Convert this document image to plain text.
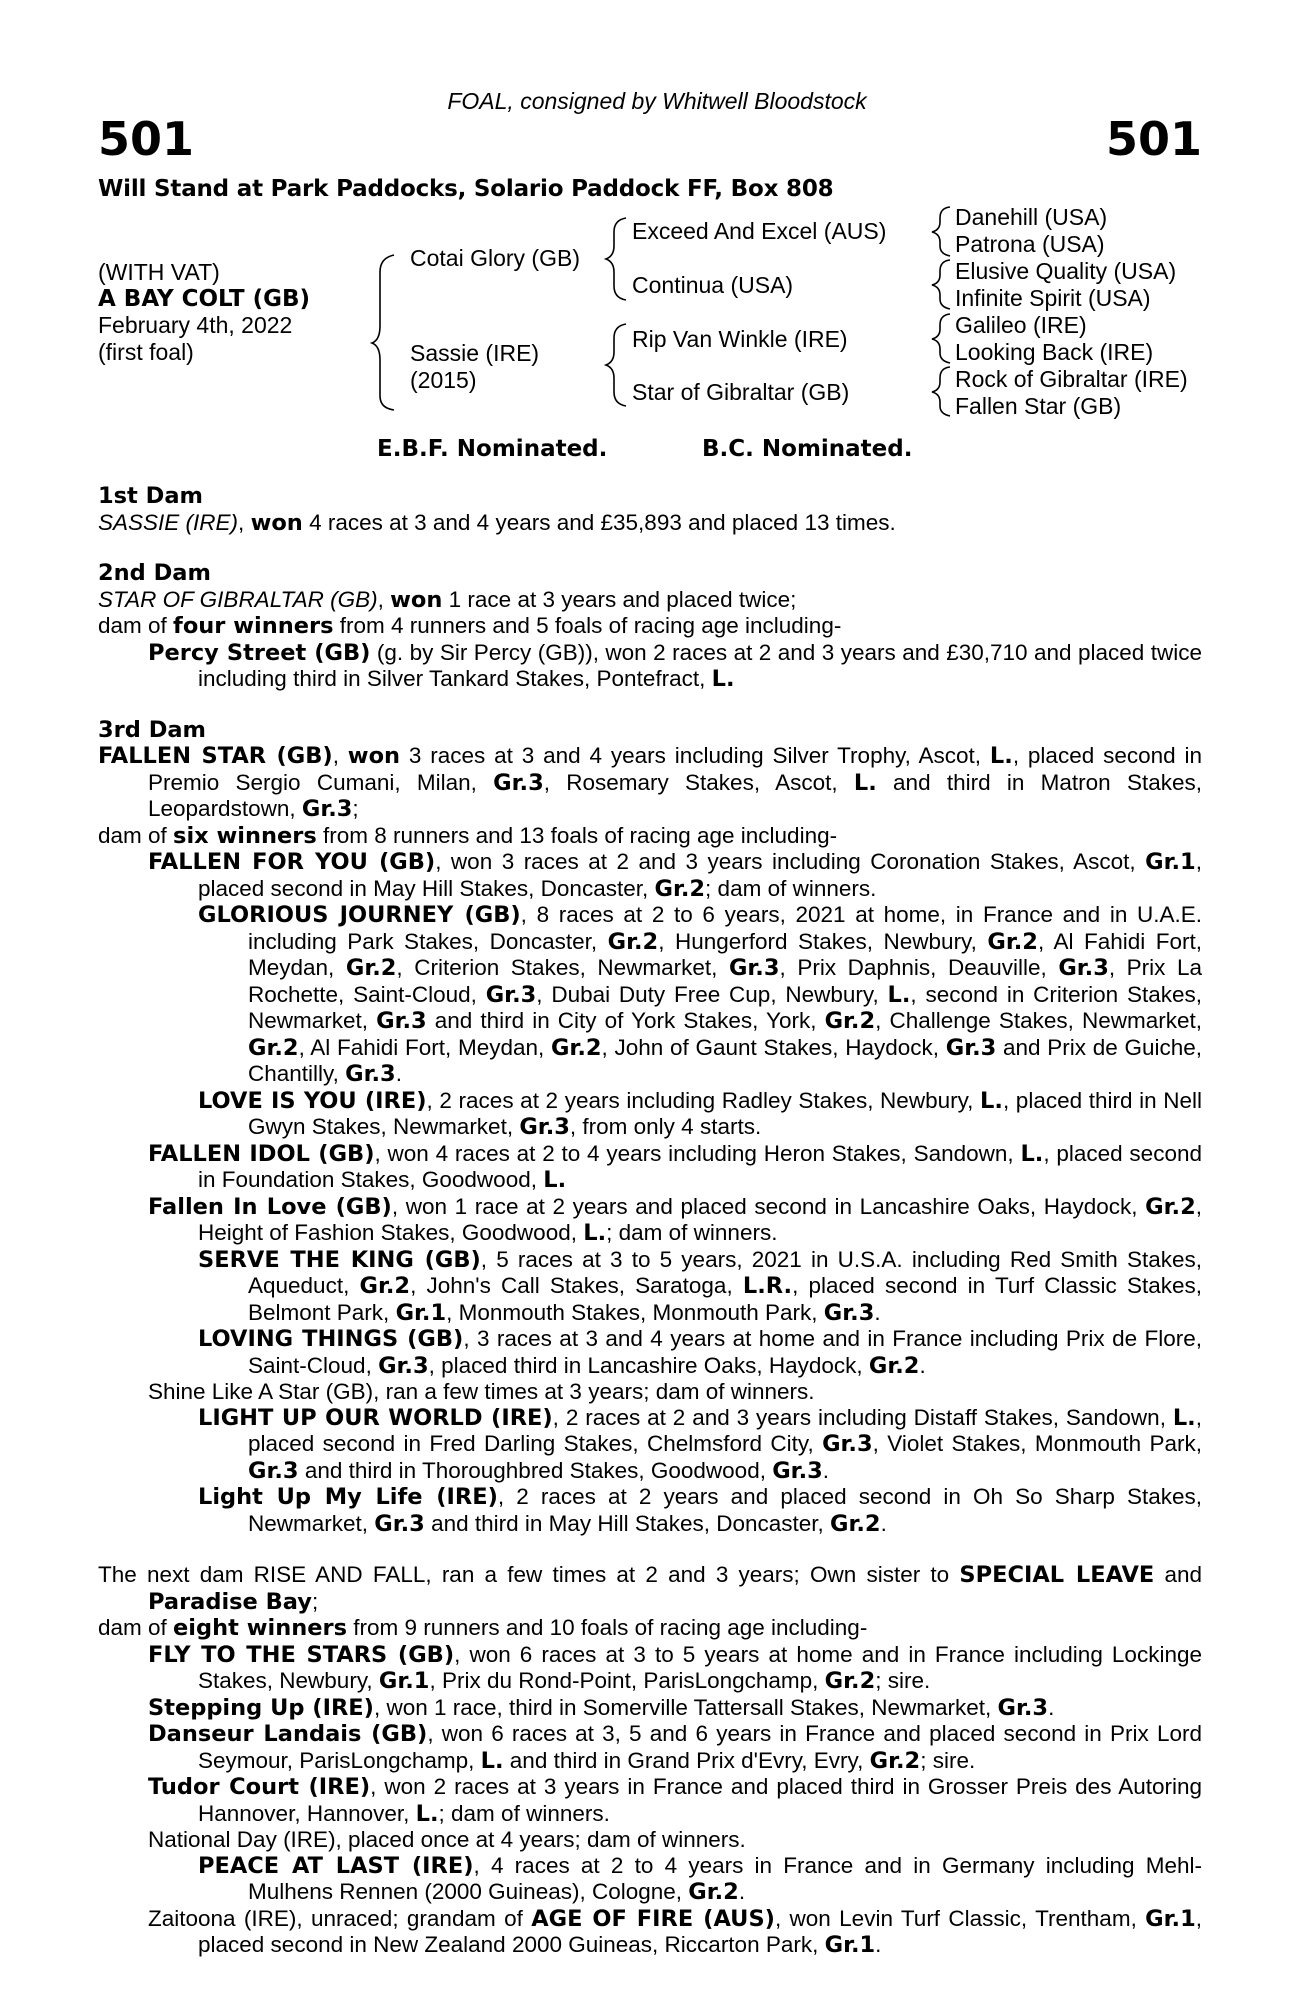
FOAL, consigned by Whitwell Bloodstock
501	501
Will Stand at Park Paddocks, Solario Paddock FF, Box 808
(WITH VAT)
A BAY COLT (GB)
February 4th, 2022
(first foal)
Cotai Glory (GB)
Sassie (IRE)
(2015)
Exceed And Excel (AUS)
Continua (USA)
Rip Van Winkle (IRE)
Star of Gibraltar (GB)
Danehill (USA)
Patrona (USA)
Elusive Quality (USA)
Infinite Spirit (USA)
Galileo (IRE)
Looking Back (IRE)
Rock of Gibraltar (IRE)
Fallen Star (GB)
E.B.F. Nominated.	B.C. Nominated.

1st Dam

SASSIE (IRE), won 4 races at 3 and 4 years and £35,893 and placed 13 times.

2nd Dam

STAR OF GIBRALTAR (GB), won 1 race at 3 years and placed twice;

dam of four winners from 4 runners and 5 foals of racing age including-

Percy Street (GB) (g. by Sir Percy (GB)), won 2 races at 2 and 3 years and £30,710 and placed twice including third in Silver Tankard Stakes, Pontefract, L.

3rd Dam

FALLEN STAR (GB), won 3 races at 3 and 4 years including Silver Trophy, Ascot, L., placed second in Premio Sergio Cumani, Milan, Gr.3, Rosemary Stakes, Ascot, L. and third in Matron Stakes, Leopardstown, Gr.3;

dam of six winners from 8 runners and 13 foals of racing age including-

FALLEN FOR YOU (GB), won 3 races at 2 and 3 years including Coronation Stakes, Ascot, Gr.1, placed second in May Hill Stakes, Doncaster, Gr.2; dam of winners.

GLORIOUS JOURNEY (GB), 8 races at 2 to 6 years, 2021 at home, in France and in U.A.E. including Park Stakes, Doncaster, Gr.2, Hungerford Stakes, Newbury, Gr.2, Al Fahidi Fort, Meydan, Gr.2, Criterion Stakes, Newmarket, Gr.3, Prix Daphnis, Deauville, Gr.3, Prix La Rochette, Saint-Cloud, Gr.3, Dubai Duty Free Cup, Newbury, L., second in Criterion Stakes, Newmarket, Gr.3 and third in City of York Stakes, York, Gr.2, Challenge Stakes, Newmarket, Gr.2, Al Fahidi Fort, Meydan, Gr.2, John of Gaunt Stakes, Haydock, Gr.3 and Prix de Guiche, Chantilly, Gr.3.

LOVE IS YOU (IRE), 2 races at 2 years including Radley Stakes, Newbury, L., placed third in Nell Gwyn Stakes, Newmarket, Gr.3, from only 4 starts.

FALLEN IDOL (GB), won 4 races at 2 to 4 years including Heron Stakes, Sandown, L., placed second in Foundation Stakes, Goodwood, L.

Fallen In Love (GB), won 1 race at 2 years and placed second in Lancashire Oaks, Haydock, Gr.2, Height of Fashion Stakes, Goodwood, L.; dam of winners.

SERVE THE KING (GB), 5 races at 3 to 5 years, 2021 in U.S.A. including Red Smith Stakes, Aqueduct, Gr.2, John's Call Stakes, Saratoga, L.R., placed second in Turf Classic Stakes, Belmont Park, Gr.1, Monmouth Stakes, Monmouth Park, Gr.3.

LOVING THINGS (GB), 3 races at 3 and 4 years at home and in France including Prix de Flore, Saint-Cloud, Gr.3, placed third in Lancashire Oaks, Haydock, Gr.2.

Shine Like A Star (GB), ran a few times at 3 years; dam of winners.

LIGHT UP OUR WORLD (IRE), 2 races at 2 and 3 years including Distaff Stakes, Sandown, L., placed second in Fred Darling Stakes, Chelmsford City, Gr.3, Violet Stakes, Monmouth Park, Gr.3 and third in Thoroughbred Stakes, Goodwood, Gr.3.

Light Up My Life (IRE), 2 races at 2 years and placed second in Oh So Sharp Stakes, Newmarket, Gr.3 and third in May Hill Stakes, Doncaster, Gr.2.

The next dam RISE AND FALL, ran a few times at 2 and 3 years; Own sister to SPECIAL LEAVE and Paradise Bay;

dam of eight winners from 9 runners and 10 foals of racing age including-

FLY TO THE STARS (GB), won 6 races at 3 to 5 years at home and in France including Lockinge Stakes, Newbury, Gr.1, Prix du Rond-Point, ParisLongchamp, Gr.2; sire.

Stepping Up (IRE), won 1 race, third in Somerville Tattersall Stakes, Newmarket, Gr.3.

Danseur Landais (GB), won 6 races at 3, 5 and 6 years in France and placed second in Prix Lord Seymour, ParisLongchamp, L. and third in Grand Prix d'Evry, Evry, Gr.2; sire.

Tudor Court (IRE), won 2 races at 3 years in France and placed third in Grosser Preis des Autoring Hannover, Hannover, L.; dam of winners.

National Day (IRE), placed once at 4 years; dam of winners.

PEACE AT LAST (IRE), 4 races at 2 to 4 years in France and in Germany including Mehl-Mulhens Rennen (2000 Guineas), Cologne, Gr.2.

Zaitoona (IRE), unraced; grandam of AGE OF FIRE (AUS), won Levin Turf Classic, Trentham, Gr.1, placed second in New Zealand 2000 Guineas, Riccarton Park, Gr.1.
